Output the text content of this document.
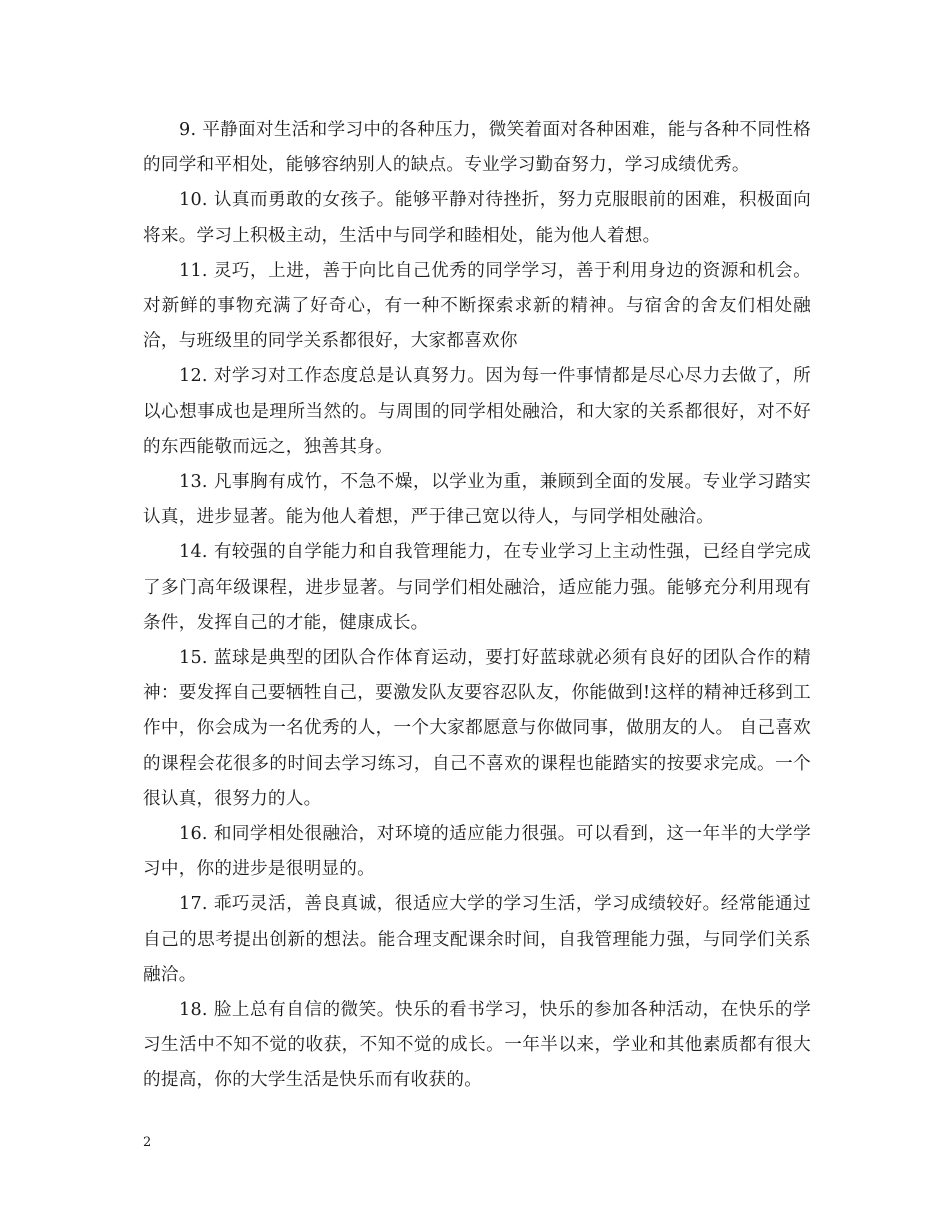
9. 平静面对生活和学习中的各种压力，微笑着面对各种困难，能与各种不同性格的同学和平相处，能够容纳别人的缺点。专业学习勤奋努力，学习成绩优秀。

10. 认真而勇敢的女孩子。能够平静对待挫折，努力克服眼前的困难，积极面向将来。学习上积极主动，生活中与同学和睦相处，能为他人着想。

11. 灵巧，上进，善于向比自己优秀的同学学习，善于利用身边的资源和机会。对新鲜的事物充满了好奇心，有一种不断探索求新的精神。与宿舍的舍友们相处融洽，与班级里的同学关系都很好，大家都喜欢你

12. 对学习对工作态度总是认真努力。因为每一件事情都是尽心尽力去做了，所以心想事成也是理所当然的。与周围的同学相处融洽，和大家的关系都很好，对不好的东西能敬而远之，独善其身。

13. 凡事胸有成竹，不急不燥，以学业为重，兼顾到全面的发展。专业学习踏实认真，进步显著。能为他人着想，严于律己宽以待人，与同学相处融洽。

14. 有较强的自学能力和自我管理能力，在专业学习上主动性强，已经自学完成了多门高年级课程，进步显著。与同学们相处融洽，适应能力强。能够充分利用现有条件，发挥自己的才能，健康成长。

15. 蓝球是典型的团队合作体育运动，要打好蓝球就必须有良好的团队合作的精神：要发挥自己要牺牲自己，要激发队友要容忍队友，你能做到!这样的精神迁移到工作中，你会成为一名优秀的人，一个大家都愿意与你做同事，做朋友的人。 自己喜欢的课程会花很多的时间去学习练习，自己不喜欢的课程也能踏实的按要求完成。一个很认真，很努力的人。

16. 和同学相处很融洽，对环境的适应能力很强。可以看到，这一年半的大学学习中，你的进步是很明显的。

17. 乖巧灵活，善良真诚，很适应大学的学习生活，学习成绩较好。经常能通过自己的思考提出创新的想法。能合理支配课余时间，自我管理能力强，与同学们关系融洽。

18. 脸上总有自信的微笑。快乐的看书学习，快乐的参加各种活动，在快乐的学习生活中不知不觉的收获，不知不觉的成长。一年半以来，学业和其他素质都有很大的提高，你的大学生活是快乐而有收获的。

2
